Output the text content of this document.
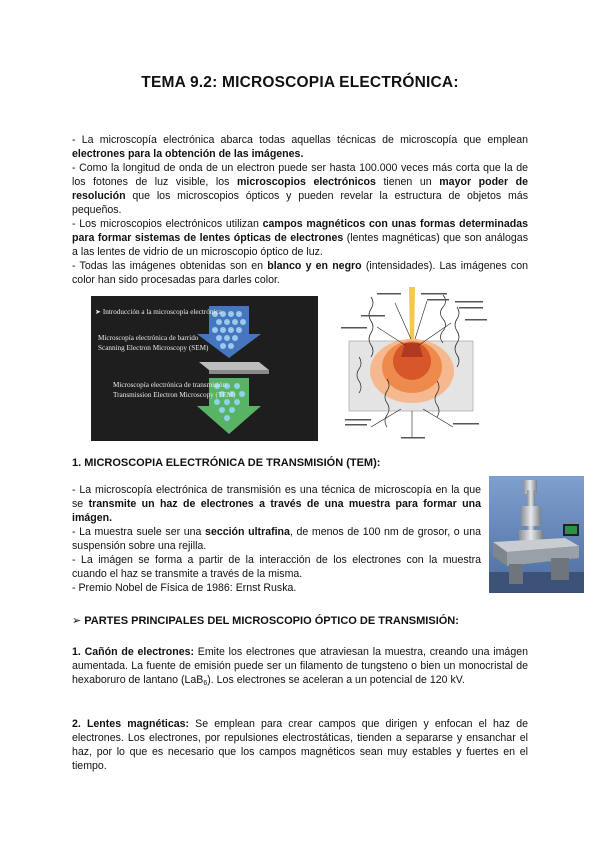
TEMA 9.2: MICROSCOPIA ELECTRÓNICA:

- La microscopía electrónica abarca todas aquellas técnicas de microscopía que emplean electrones para la obtención de las imágenes.

- Como la longitud de onda de un electron puede ser hasta 100.000 veces más corta que la de los fotones de luz visible, los microscopios electrónicos tienen un mayor poder de resolución que los microscopios ópticos y pueden revelar la estructura de objetos más pequeños.

- Los microscopios electrónicos utilizan campos magnéticos con unas formas determinadas para formar sistemas de lentes ópticas de electrones (lentes magnéticas) que son análogas a las lentes de vidrio de un microscopio óptico de luz.

- Todas las imágenes obtenidas son en blanco y en negro (intensidades). Las imágenes con color han sido procesadas para darles color.

➤ Introducción a la microscopía electrónica
Microscopía electrónica de barrido
Scanning Electron Microscopy (SEM)
Microscopía electrónica de transmisión
Transmission Electron Microscopy (TEM)
1. MICROSCOPIA ELECTRÓNICA DE TRANSMISIÓN (TEM):

- La microscopía electrónica de transmisión es una técnica de microscopía en la que se transmite un haz de electrones a través de una muestra para formar una imágen.

- La muestra suele ser una sección ultrafina, de menos de 100 nm de grosor, o una suspensión sobre una rejilla.

- La imágen se forma a partir de la interacción de los electrones con la muestra cuando el haz se transmite a través de la misma.

- Premio Nobel de Física de 1986: Ernst Ruska.

➢ PARTES PRINCIPALES DEL MICROSCOPIO ÓPTICO DE TRANSMISIÓN:

1. Cañón de electrones: Emite los electrones que atraviesan la muestra, creando una imágen aumentada. La fuente de emisión puede ser un filamento de tungsteno o bien un monocristal de hexaboruro de lantano (LaB$_6$). Los electrones se aceleran a un potencial de 120 kV.

2. Lentes magnéticas: Se emplean para crear campos que dirigen y enfocan el haz de electrones. Los electrones, por repulsiones electrostáticas, tienden a separarse y ensanchar el haz, por lo que es necesario que los campos magnéticos sean muy estables y fuertes en el tiempo.
